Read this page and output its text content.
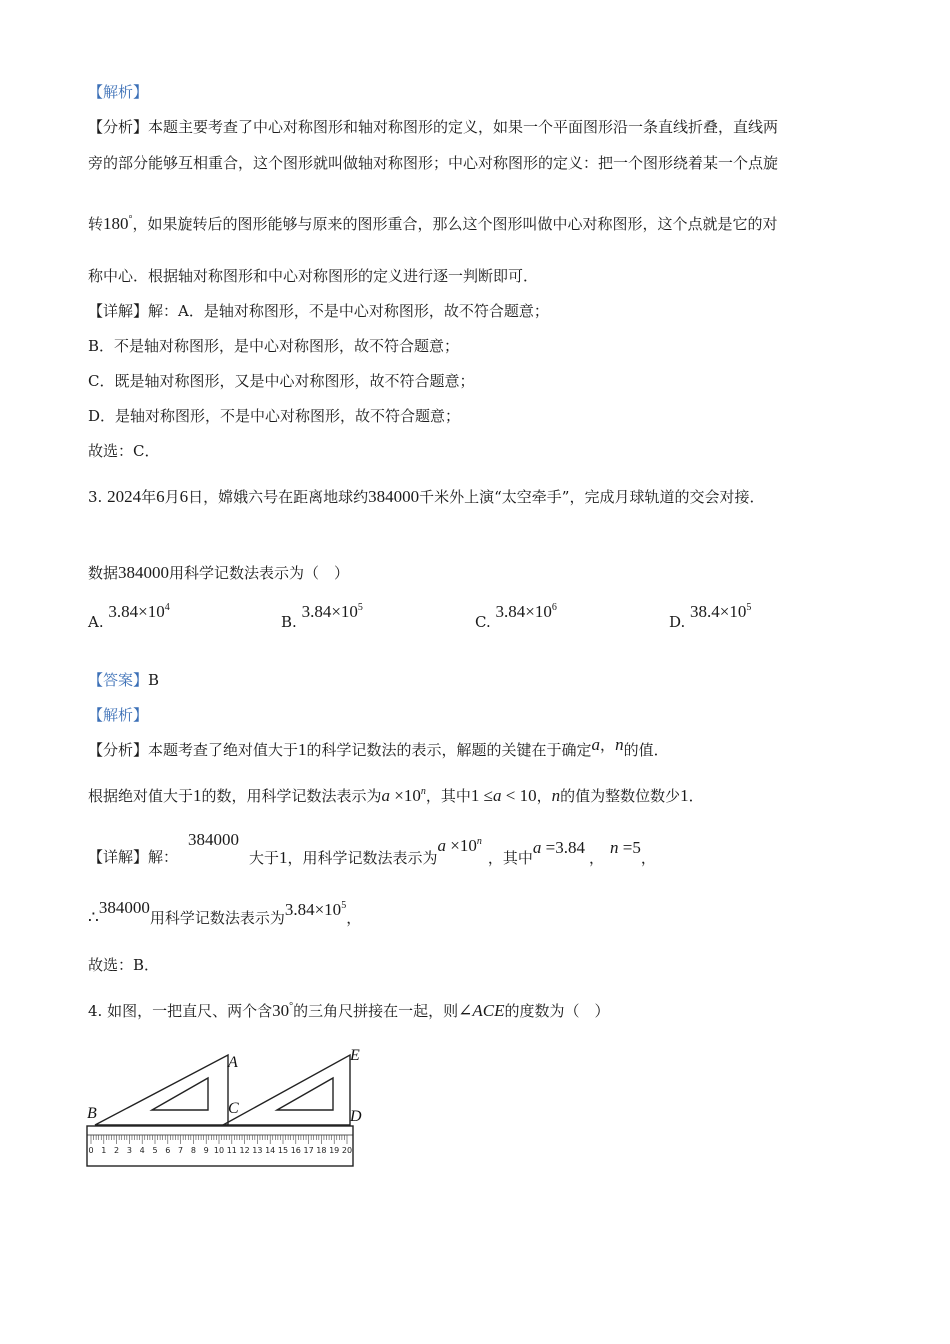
【解析】
【分析】本题主要考查了中心对称图形和轴对称图形的定义，如果一个平面图形沿一条直线折叠，直线两
旁的部分能够互相重合，这个图形就叫做轴对称图形；中心对称图形的定义：把一个图形绕着某一个点旋
转180°，如果旋转后的图形能够与原来的图形重合，那么这个图形叫做中心对称图形，这个点就是它的对
称中心．根据轴对称图形和中心对称图形的定义进行逐一判断即可．
【详解】解：A．是轴对称图形，不是中心对称图形，故不符合题意；
B．不是轴对称图形，是中心对称图形，故不符合题意；
C．既是轴对称图形，又是中心对称图形，故不符合题意；
D．是轴对称图形，不是中心对称图形，故不符合题意；
故选：C．
3. 2024年6月6日，嫦娥六号在距离地球约384000千米外上演“太空牵手”，完成月球轨道的交会对接．
数据384000用科学记数法表示为（　）
A. $3.84\times 10^4$
B. $3.84\times 10^5$
C. $3.84\times 10^6$
D. $38.4\times 10^5$
【答案】B
【解析】
【分析】本题考查了绝对值大于1的科学记数法的表示，解题的关键在于确定a，n的值．
根据绝对值大于1的数，用科学记数法表示为$a \times 10^n$，其中1 ≤a < 10，n的值为整数位数少1．
【详解】解：
384000
大于1，用科学记数法表示为$a \times 10^n$，其中a =3.84，n =5，
∴384000用科学记数法表示为$3.84\times 10^5$，
故选：B．
4. 如图，一把直尺、两个含30°的三角尺拼接在一起，则∠ACE的度数为（　）
0 1 2 3 4 5 6 7 8 9 10 11 12 13 14 15 16 17 18 19 20
A
B	C	D
E
